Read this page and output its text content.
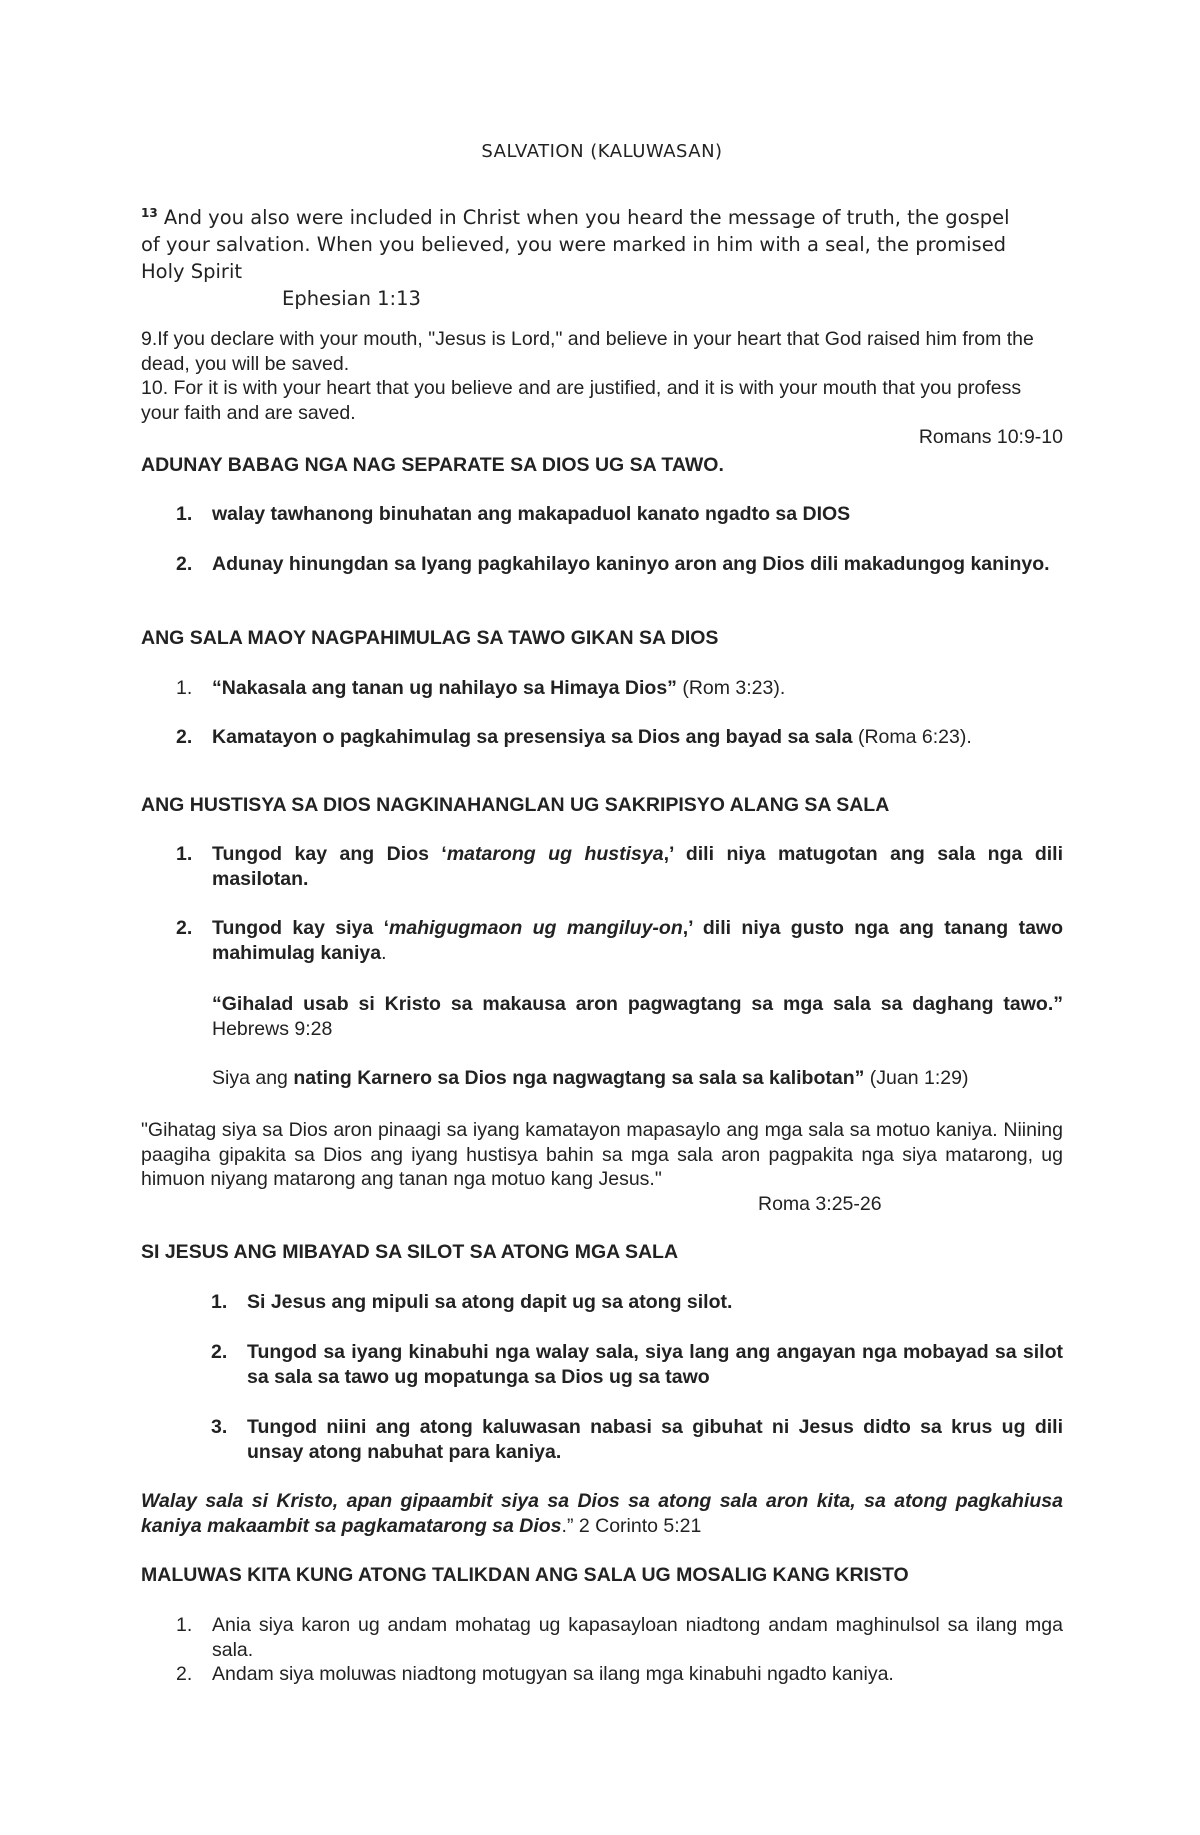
SALVATION (KALUWASAN)
$^{13}$ And you also were included in Christ when you heard the message of truth, the gospel of your salvation. When you believed, you were marked in him with a seal, the promised Holy Spirit
Ephesian 1:13
9.If you declare with your mouth, "Jesus is Lord," and believe in your heart that God raised him from the dead, you will be saved.
10. For it is with your heart that you believe and are justified, and it is with your mouth that you profess your faith and are saved.
Romans 10:9-10
ADUNAY BABAG NGA NAG SEPARATE SA DIOS UG SA TAWO.
1. walay tawhanong binuhatan ang makapaduol kanato ngadto sa DIOS
2. Adunay hinungdan sa Iyang pagkahilayo kaninyo aron ang Dios dili makadungog kaninyo.
ANG SALA MAOY NAGPAHIMULAG SA TAWO GIKAN SA DIOS
1. “Nakasala ang tanan ug nahilayo sa Himaya Dios” (Rom 3:23).
2. Kamatayon o pagkahimulag sa presensiya sa Dios ang bayad sa sala (Roma 6:23).
ANG HUSTISYA SA DIOS NAGKINAHANGLAN UG SAKRIPISYO ALANG SA SALA
1. Tungod kay ang Dios ‘matarong ug hustisya,’ dili niya matugotan ang sala nga dili masilotan.
2. Tungod kay siya ‘mahigugmaon ug mangiluy-on,’ dili niya gusto nga ang tanang tawo mahimulag kaniya.
“Gihalad usab si Kristo sa makausa aron pagwagtang sa mga sala sa daghang tawo.” Hebrews 9:28
Siya ang nating Karnero sa Dios nga nagwagtang sa sala sa kalibotan” (Juan 1:29)
"Gihatag siya sa Dios aron pinaagi sa iyang kamatayon mapasaylo ang mga sala sa motuo kaniya. Niining paagiha gipakita sa Dios ang iyang hustisya bahin sa mga sala aron pagpakita nga siya matarong, ug himuon niyang matarong ang tanan nga motuo kang Jesus."
Roma 3:25-26
SI JESUS ANG MIBAYAD SA SILOT SA ATONG MGA SALA
1. Si Jesus ang mipuli sa atong dapit ug sa atong silot.
2. Tungod sa iyang kinabuhi nga walay sala, siya lang ang angayan nga mobayad sa silot sa sala sa tawo ug mopatunga sa Dios ug sa tawo
3. Tungod niini ang atong kaluwasan nabasi sa gibuhat ni Jesus didto sa krus ug dili unsay atong nabuhat para kaniya.
Walay sala si Kristo, apan gipaambit siya sa Dios sa atong sala aron kita, sa atong pagkahiusa kaniya makaambit sa pagkamatarong sa Dios.” 2 Corinto 5:21
MALUWAS KITA KUNG ATONG TALIKDAN ANG SALA UG MOSALIG KANG KRISTO
1. Ania siya karon ug andam mohatag ug kapasayloan niadtong andam maghinulsol sa ilang mga sala.
2. Andam siya moluwas niadtong motugyan sa ilang mga kinabuhi ngadto kaniya.
